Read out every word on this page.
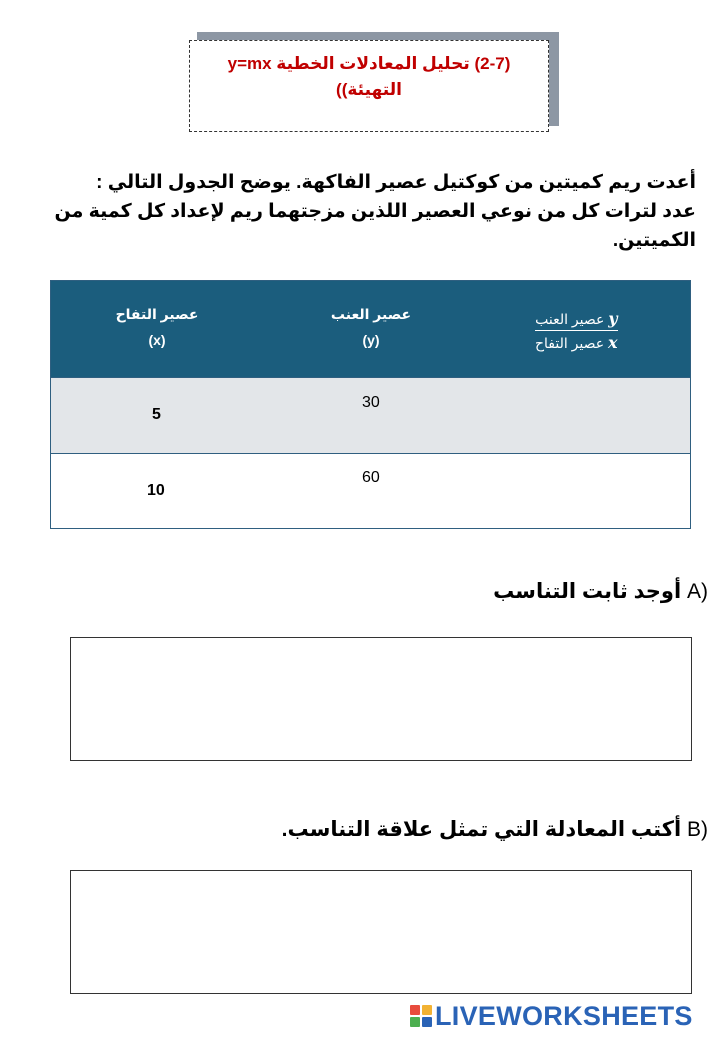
(2-7) تحليل المعادلات الخطية y=mx
((التهيئة
أعدت ريم كميتين من كوكتيل عصير الفاكهة. يوضح الجدول التالي :
عدد لترات كل من نوعي العصير اللذين مزجتهما ريم لإعداد كل كمية من
الكميتين.
عصير التفاح
(x)
عصير العنب
(y)
y عصير العنب
x عصير التفاح
5
30
10
60
أوجد ثابت التناسب A)
أكتب المعادلة التي تمثل علاقة التناسب. B)
LIVEWORKSHEETS
